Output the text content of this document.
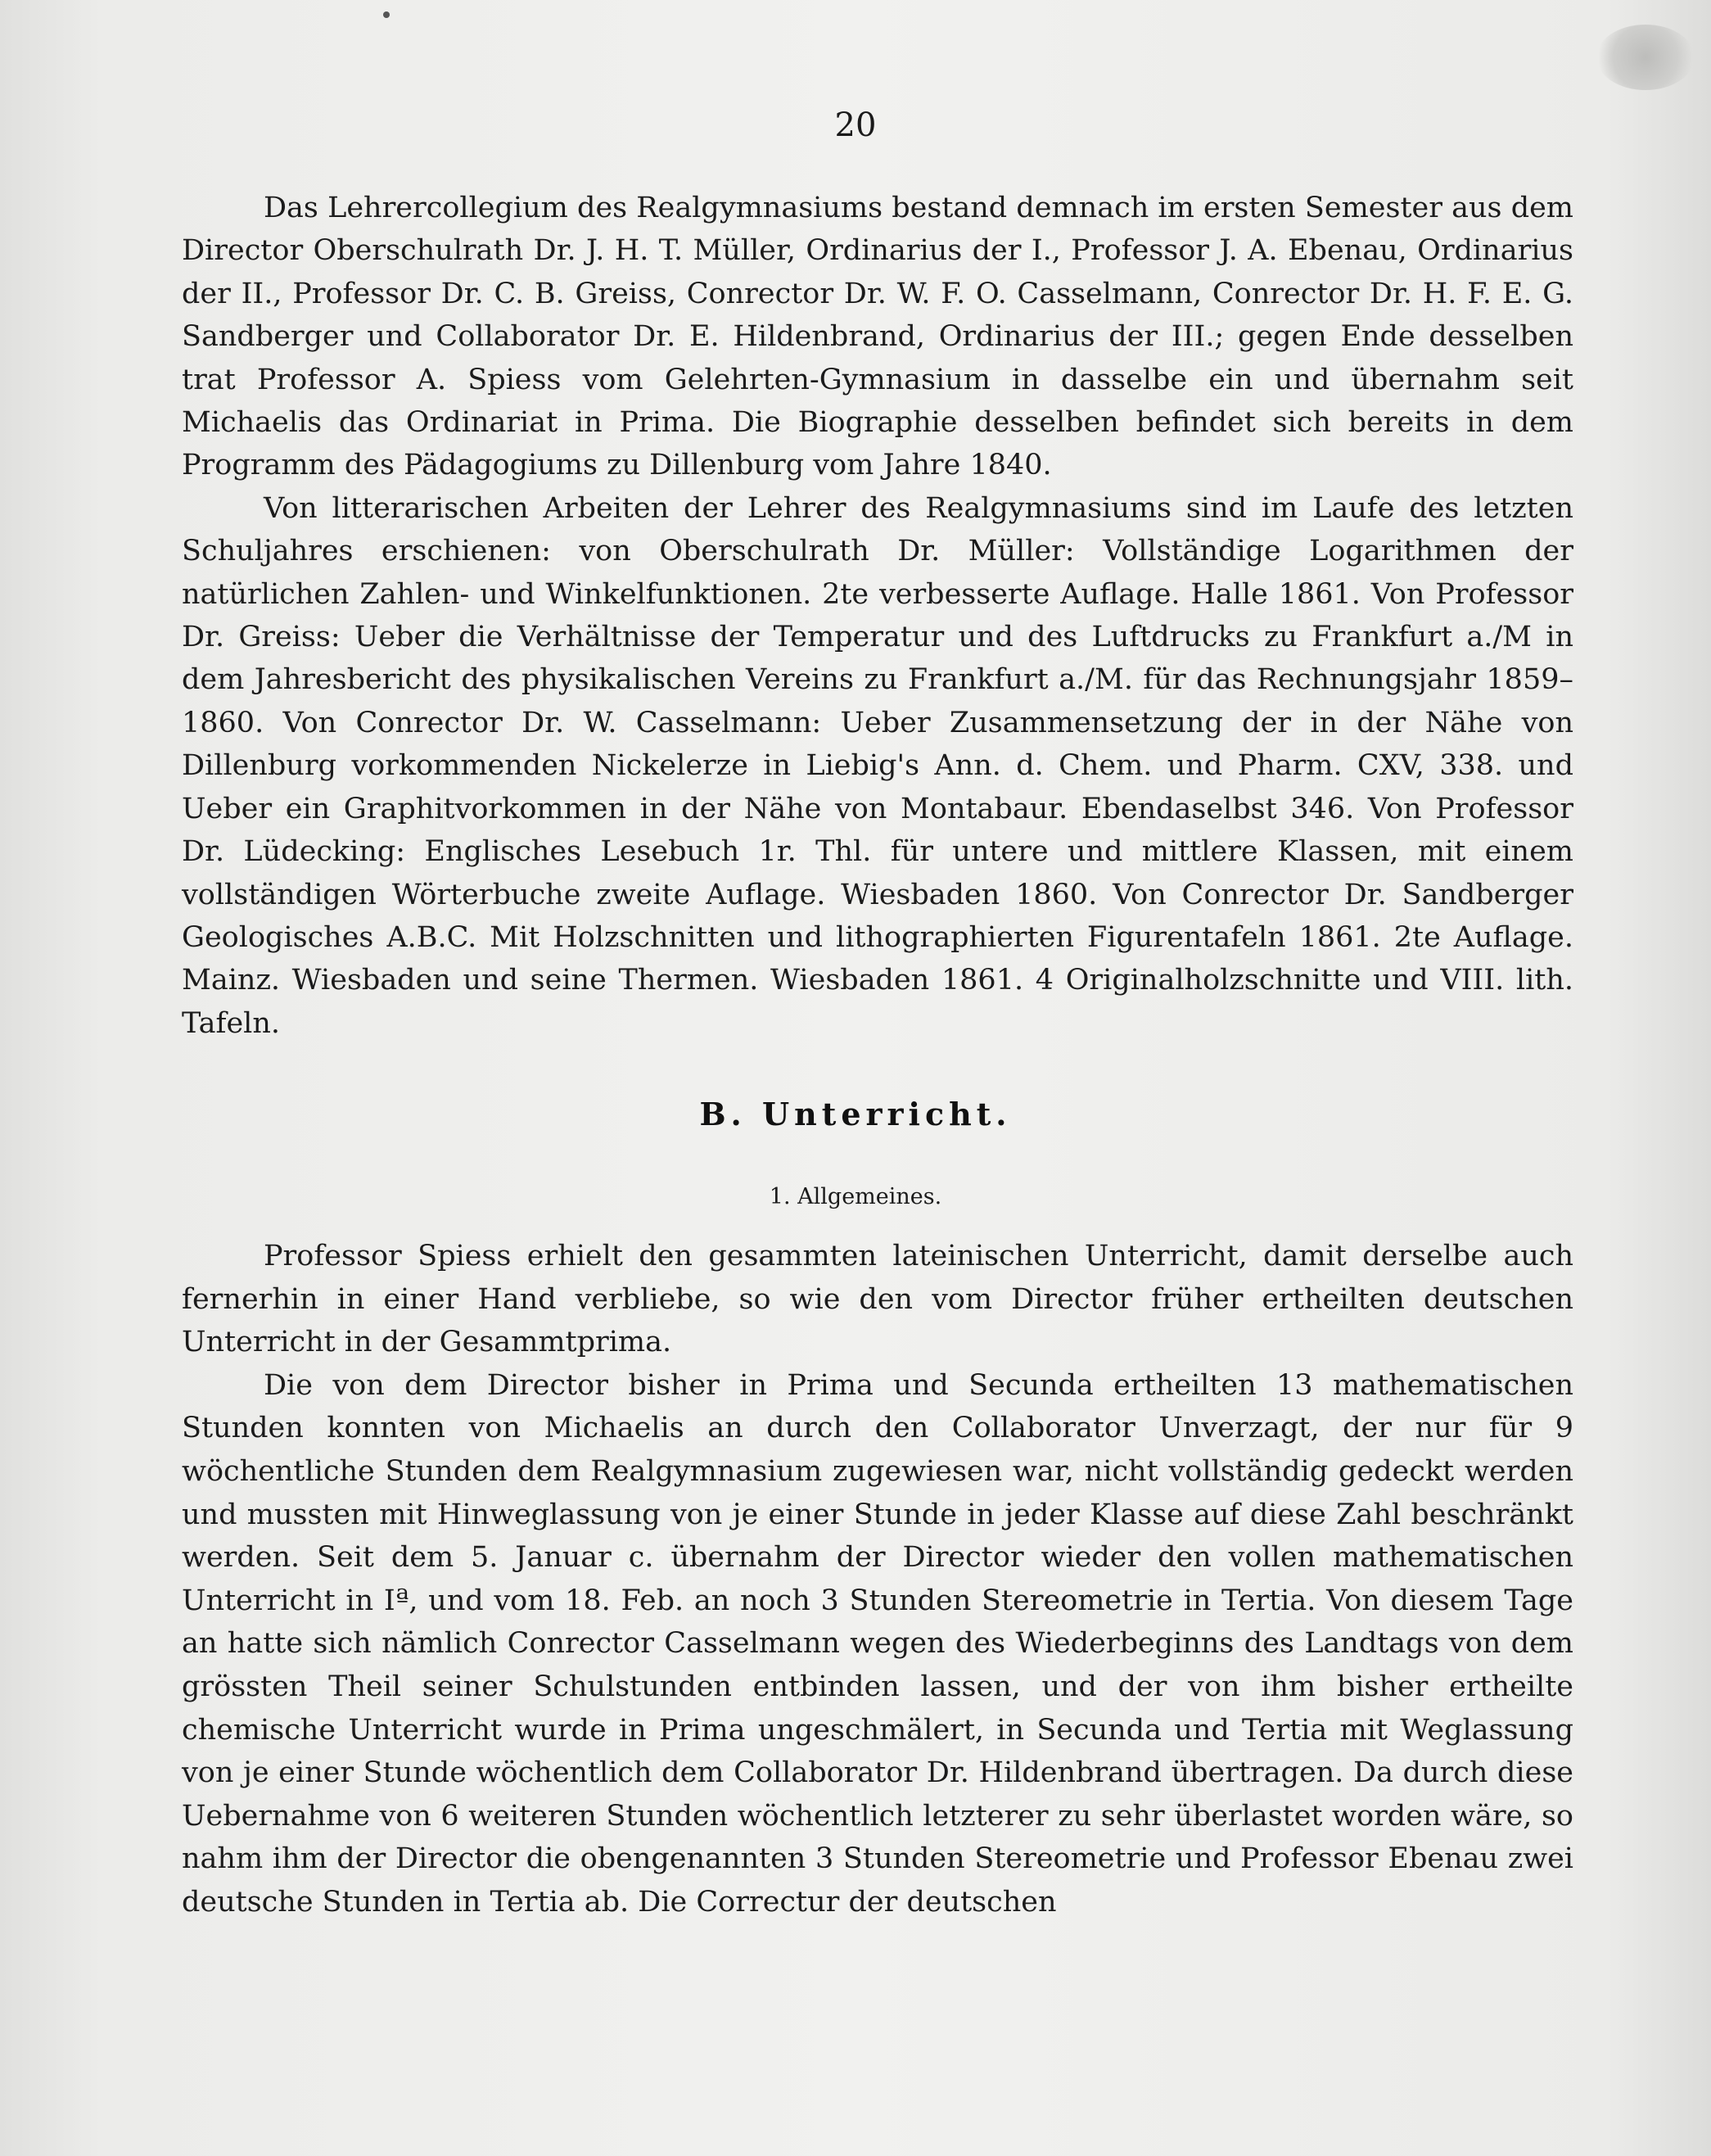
20

Das Lehrercollegium des Realgymnasiums bestand demnach im ersten Semester aus dem Director Oberschulrath Dr. J. H. T. Müller, Ordinarius der I., Professor J. A. Ebenau, Ordinarius der II., Professor Dr. C. B. Greiss, Conrector Dr. W. F. O. Casselmann, Conrector Dr. H. F. E. G. Sandberger und Collaborator Dr. E. Hildenbrand, Ordinarius der III.; gegen Ende desselben trat Professor A. Spiess vom Gelehrten-Gymnasium in dasselbe ein und übernahm seit Michaelis das Ordinariat in Prima. Die Biographie desselben befindet sich bereits in dem Programm des Pädagogiums zu Dillenburg vom Jahre 1840.

Von litterarischen Arbeiten der Lehrer des Realgymnasiums sind im Laufe des letzten Schuljahres erschienen: von Oberschulrath Dr. Müller: Vollständige Logarithmen der natürlichen Zahlen- und Winkelfunktionen. 2te verbesserte Auflage. Halle 1861. Von Professor Dr. Greiss: Ueber die Verhältnisse der Temperatur und des Luftdrucks zu Frankfurt a./M in dem Jahresbericht des physikalischen Vereins zu Frankfurt a./M. für das Rechnungsjahr 1859–1860. Von Conrector Dr. W. Casselmann: Ueber Zusammensetzung der in der Nähe von Dillenburg vorkommenden Nickelerze in Liebig's Ann. d. Chem. und Pharm. CXV, 338. und Ueber ein Graphitvorkommen in der Nähe von Montabaur. Ebendaselbst 346. Von Professor Dr. Lüdecking: Englisches Lesebuch 1r. Thl. für untere und mittlere Klassen, mit einem vollständigen Wörterbuche zweite Auflage. Wiesbaden 1860. Von Conrector Dr. Sandberger Geologisches A.B.C. Mit Holzschnitten und lithographierten Figurentafeln 1861. 2te Auflage. Mainz. Wiesbaden und seine Thermen. Wiesbaden 1861. 4 Originalholzschnitte und VIII. lith. Tafeln.

B. Unterricht.
1. Allgemeines.

Professor Spiess erhielt den gesammten lateinischen Unterricht, damit derselbe auch fernerhin in einer Hand verbliebe, so wie den vom Director früher ertheilten deutschen Unterricht in der Gesammtprima.

Die von dem Director bisher in Prima und Secunda ertheilten 13 mathematischen Stunden konnten von Michaelis an durch den Collaborator Unverzagt, der nur für 9 wöchentliche Stunden dem Realgymnasium zugewiesen war, nicht vollständig gedeckt werden und mussten mit Hinweglassung von je einer Stunde in jeder Klasse auf diese Zahl beschränkt werden. Seit dem 5. Januar c. übernahm der Director wieder den vollen mathematischen Unterricht in Iª, und vom 18. Feb. an noch 3 Stunden Stereometrie in Tertia. Von diesem Tage an hatte sich nämlich Conrector Casselmann wegen des Wiederbeginns des Landtags von dem grössten Theil seiner Schulstunden entbinden lassen, und der von ihm bisher ertheilte chemische Unterricht wurde in Prima ungeschmälert, in Secunda und Tertia mit Weglassung von je einer Stunde wöchentlich dem Collaborator Dr. Hildenbrand übertragen. Da durch diese Uebernahme von 6 weiteren Stunden wöchentlich letzterer zu sehr überlastet worden wäre, so nahm ihm der Director die obengenannten 3 Stunden Stereometrie und Professor Ebenau zwei deutsche Stunden in Tertia ab. Die Correctur der deutschen
